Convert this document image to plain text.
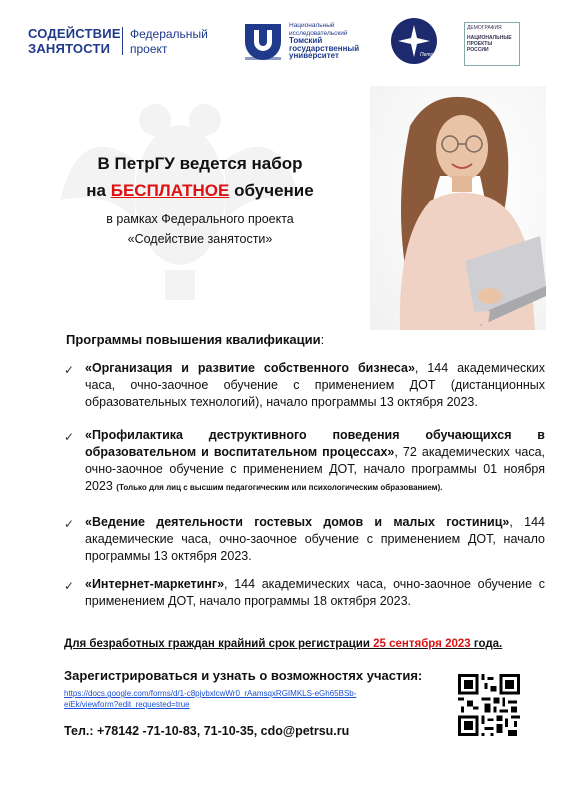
СОДЕЙСТВИЕ
ЗАНЯТОСТИ
Федеральный
проект
Национальный
исследовательский
Томский
государственный
университет	ПетрГУ
ДЕМОГРАФИЯ
НАЦИОНАЛЬНЫЕ
ПРОЕКТЫ
РОССИИ
В ПетрГУ ведется набор
на БЕСПЛАТНОЕ обучение
в рамках Федерального проекта
«Содействие занятости»
Программы повышения квалификации:
✓ «Организация и развитие собственного бизнеса», 144 академических часа, очно-заочное обучение с применением ДОТ (дистанционных образовательных технологий), начало программы 13 октября 2023.
✓ «Профилактика деструктивного поведения обучающихся в образовательном и воспитательном процессах», 72 академических часа, очно-заочное обучение с применением ДОТ, начало программы 01 ноября 2023 (Только для лиц с высшим педагогическим или психологическим образованием).
✓ «Ведение деятельности гостевых домов и малых гостиниц», 144 академические часа, очно-заочное обучение с применением ДОТ, начало программы 13 октября 2023.
✓ «Интернет-маркетинг», 144 академических часа, очно-заочное обучение с применением ДОТ, начало программы 18 октября 2023.
Для безработных граждан крайний срок регистрации 25 сентября 2023 года.
Зарегистрироваться и узнать о возможностях участия:
https://docs.google.com/forms/d/1-c8pjvbxlcwWr0_rAamsqxRGIMKLS-eGh65BSb-
eiEk/viewform?edit_requested=true
Тел.: +78142 -71-10-83, 71-10-35, cdo@petrsu.ru
